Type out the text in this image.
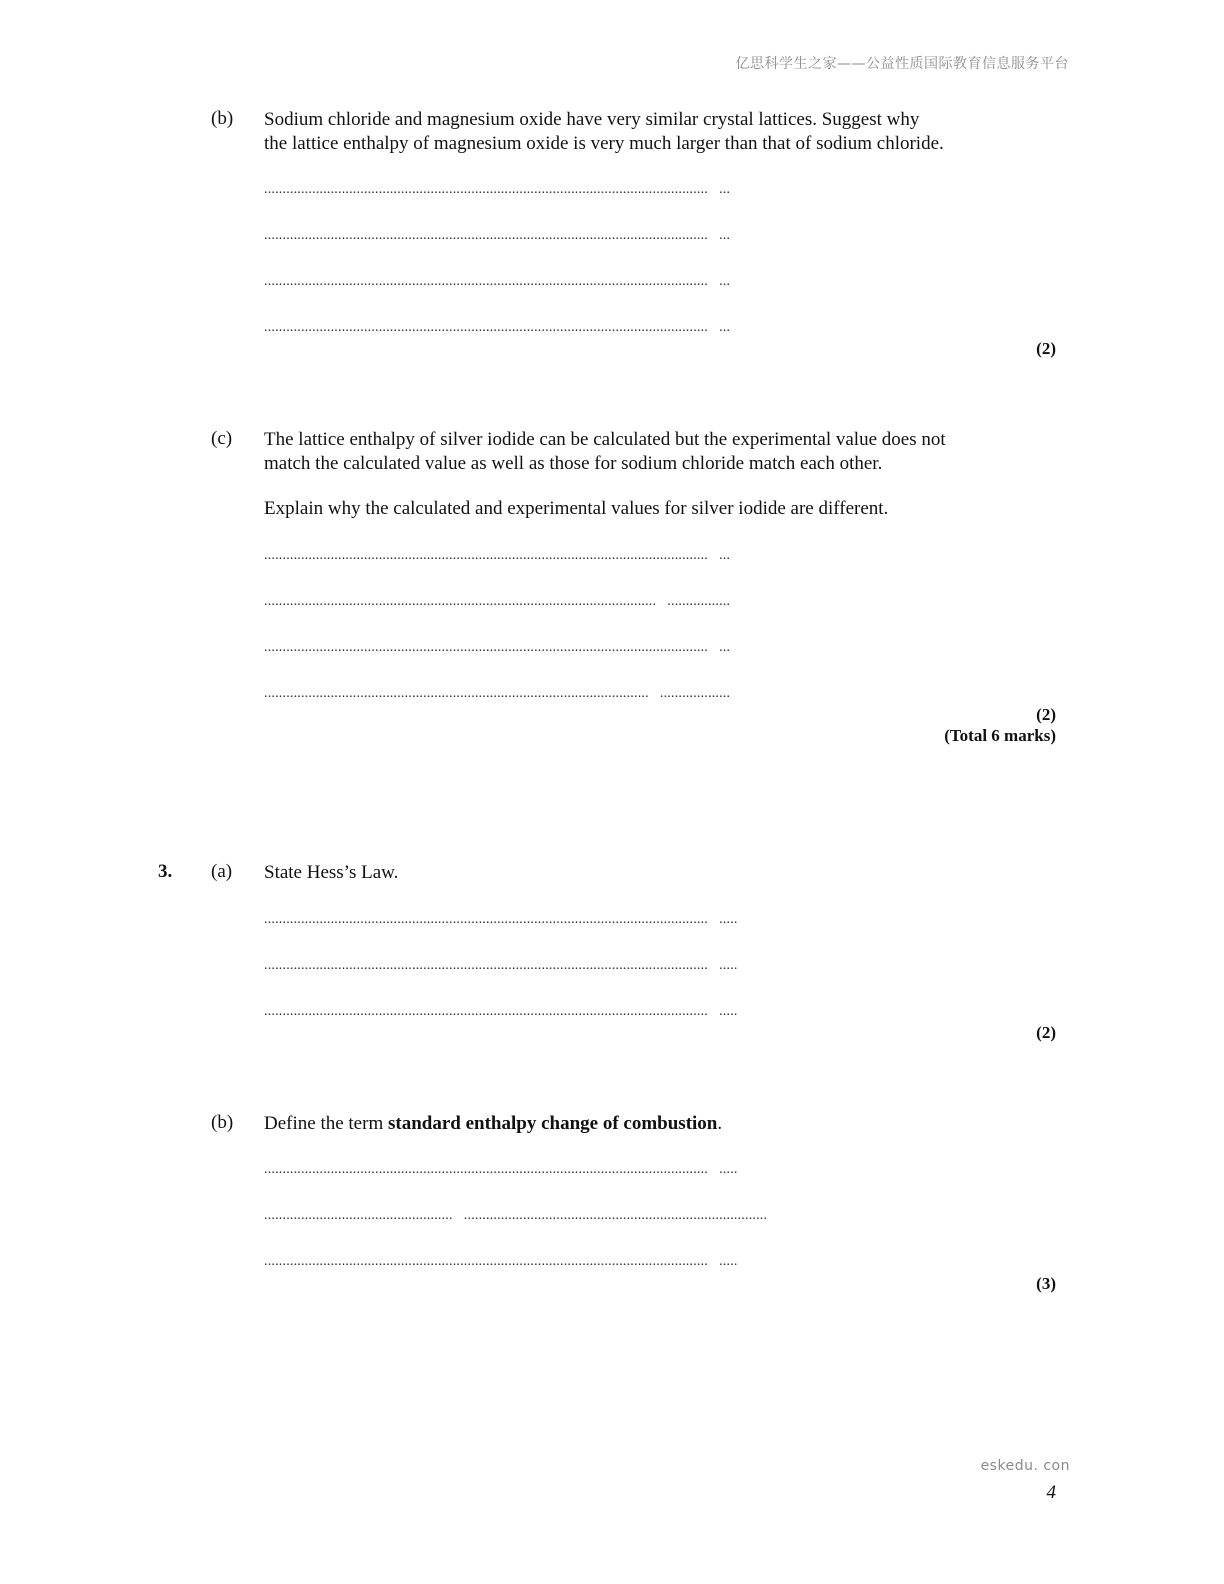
亿思科学生之家——公益性质国际教育信息服务平台
(b) Sodium chloride and magnesium oxide have very similar crystal lattices. Suggest why
the lattice enthalpy of magnesium oxide is very much larger than that of sodium chloride.
........................................................................................................................   ...
........................................................................................................................   ...
........................................................................................................................   ...
........................................................................................................................   ...
(2)
(c) The lattice enthalpy of silver iodide can be calculated but the experimental value does not
match the calculated value as well as those for sodium chloride match each other.
Explain why the calculated and experimental values for silver iodide are different.
........................................................................................................................   ...
..........................................................................................................   .................
........................................................................................................................   ...
........................................................................................................   ...................
(2)
(Total 6 marks)
3. (a) State Hess’s Law.
........................................................................................................................   .....
........................................................................................................................   .....
........................................................................................................................   .....
(2)
(b) Define the term standard enthalpy change of combustion.
........................................................................................................................   .....
...................................................   ..................................................................................
........................................................................................................................   .....
(3)
eskedu. con
4
